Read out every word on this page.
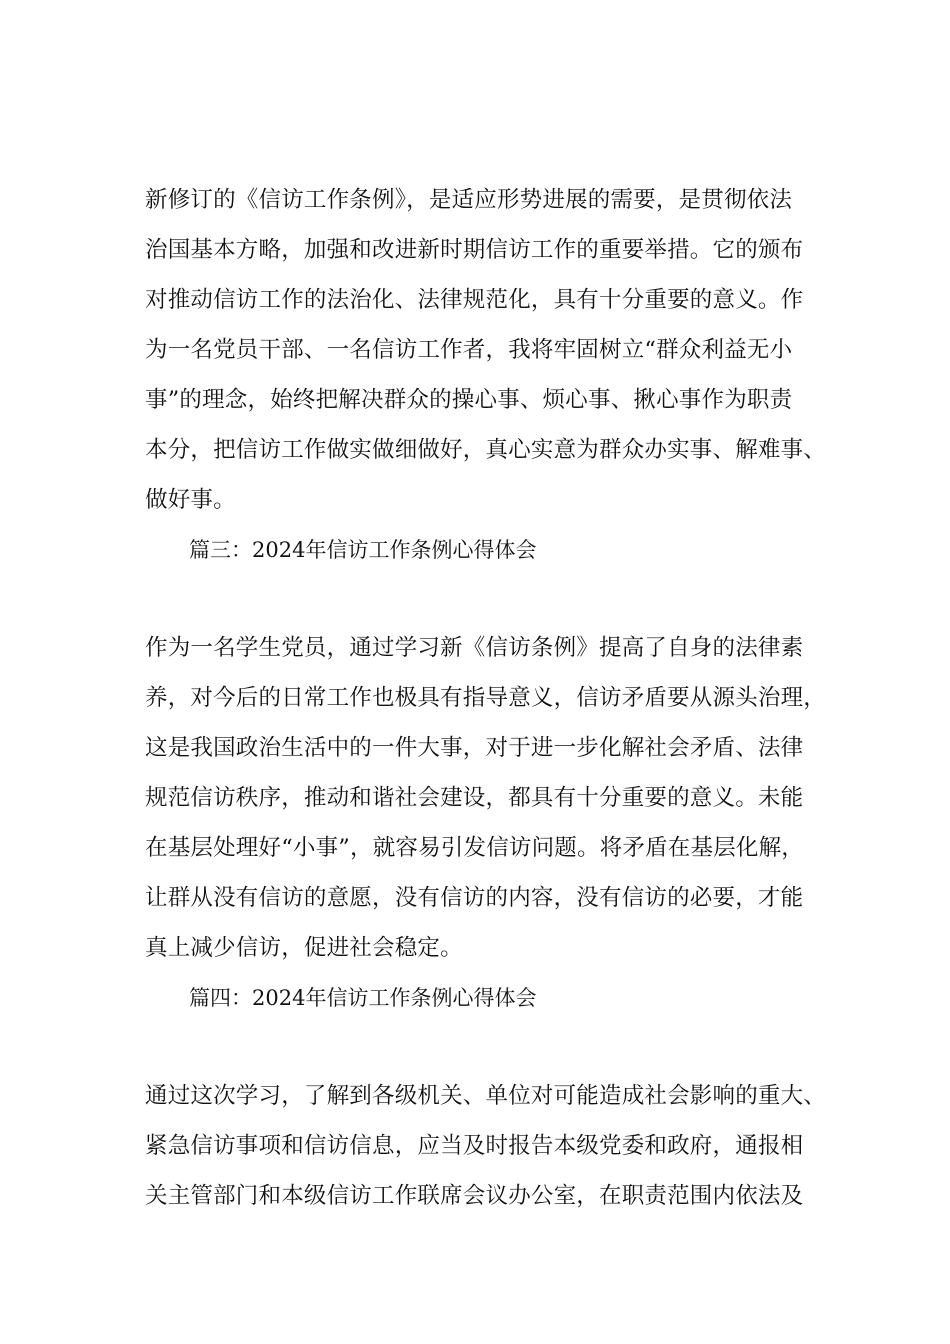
新修订的《信访工作条例》，是适应形势进展的需要，是贯彻依法
治国基本方略，加强和改进新时期信访工作的重要举措。它的颁布
对推动信访工作的法治化、法律规范化，具有十分重要的意义。作
为一名党员干部、一名信访工作者，我将牢固树立“群众利益无小
事”的理念，始终把解决群众的操心事、烦心事、揪心事作为职责
本分，把信访工作做实做细做好，真心实意为群众办实事、解难事、
做好事。
篇三：2024年信访工作条例心得体会
作为一名学生党员，通过学习新《信访条例》提高了自身的法律素
养，对今后的日常工作也极具有指导意义，信访矛盾要从源头治理，
这是我国政治生活中的一件大事，对于进一步化解社会矛盾、法律
规范信访秩序，推动和谐社会建设，都具有十分重要的意义。未能
在基层处理好“小事”，就容易引发信访问题。将矛盾在基层化解，
让群从没有信访的意愿，没有信访的内容，没有信访的必要，才能
真上减少信访，促进社会稳定。
篇四：2024年信访工作条例心得体会
通过这次学习，了解到各级机关、单位对可能造成社会影响的重大、
紧急信访事项和信访信息，应当及时报告本级党委和政府，通报相
关主管部门和本级信访工作联席会议办公室，在职责范围内依法及
